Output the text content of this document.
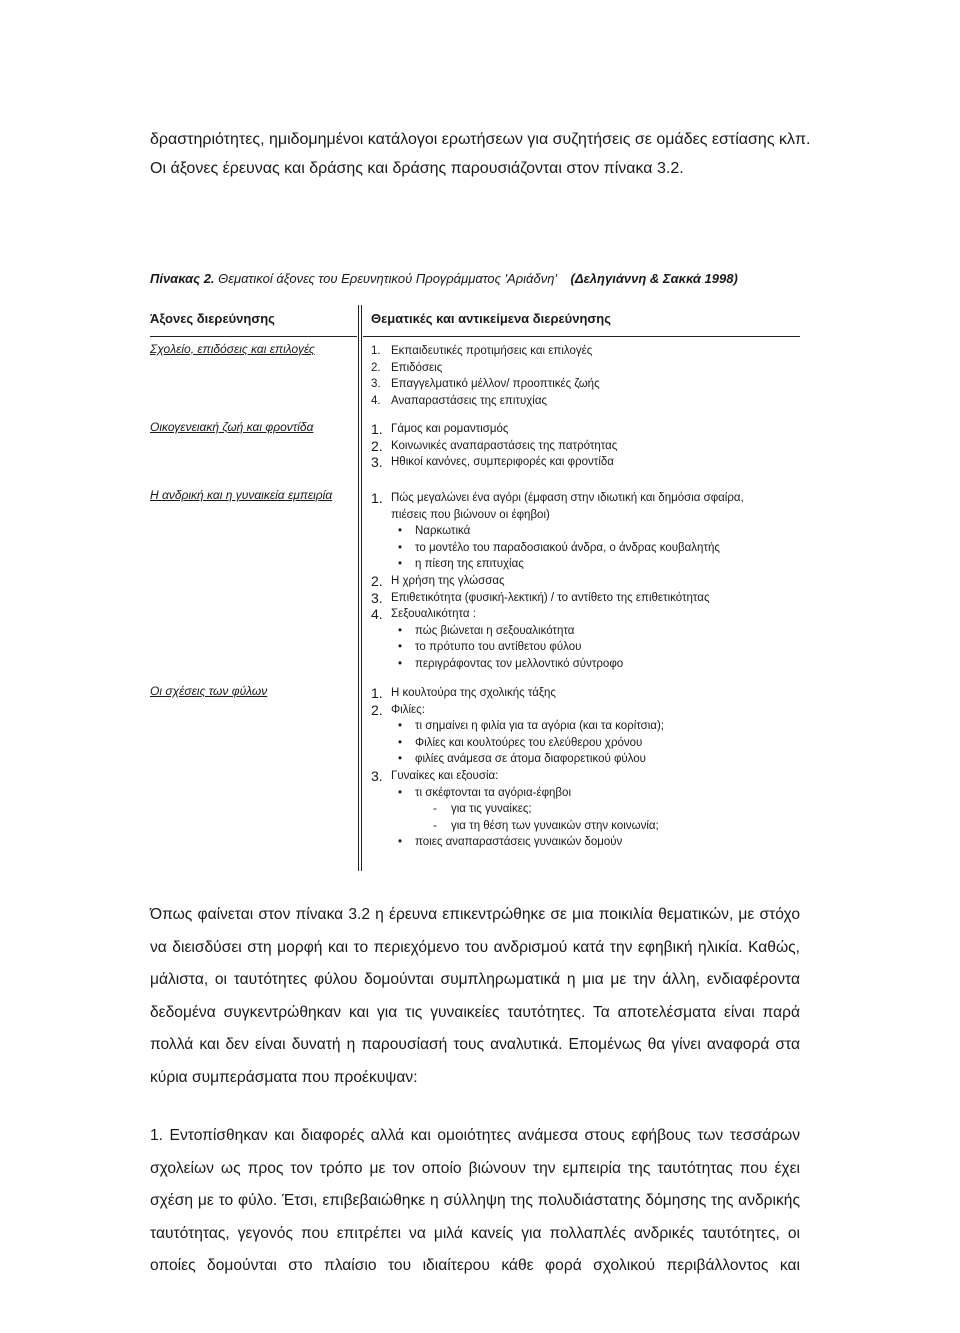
δραστηριότητες, ημιδομημένοι κατάλογοι ερωτήσεων για συζητήσεις σε ομάδες εστίασης κλπ.

Οι άξονες έρευνας και δράσης και δράσης παρουσιάζονται στον πίνακα 3.2.

Πίνακας 2. Θεματικοί άξονες του Ερευνητικού Προγράμματος 'Αριάδνη' (Δεληγιάννη & Σακκά 1998)
Άξονες διερεύνησης	Θεματικές και αντικείμενα διερεύνησης
Σχολείο, επιδόσεις και επιλογές	1. Εκπαιδευτικές προτιμήσεις και επιλογές
2. Επιδόσεις
3. Επαγγελματικό μέλλον/ προοπτικές ζωής
4. Αναπαραστάσεις της επιτυχίας
Οικογενειακή ζωή και φροντίδα	1. Γάμος και ρομαντισμός
2. Κοινωνικές αναπαραστάσεις της πατρότητας
3. Ηθικοί κανόνες, συμπεριφορές και φροντίδα
Η ανδρική και η γυναικεία εμπειρία	1. Πώς μεγαλώνει ένα αγόρι (έμφαση στην ιδιωτική και δημόσια σφαίρα,
πιέσεις που βιώνουν οι έφηβοι)
• Ναρκωτικά
• το μοντέλο του παραδοσιακού άνδρα, ο άνδρας κουβαλητής
• η πίεση της επιτυχίας
2. Η χρήση της γλώσσας
3. Επιθετικότητα (φυσική-λεκτική) / το αντίθετο της επιθετικότητας
4. Σεξουαλικότητα :
• πώς βιώνεται η σεξουαλικότητα
• το πρότυπο του αντίθετου φύλου
• περιγράφοντας τον μελλοντικό σύντροφο
Οι σχέσεις των φύλων	1. Η κουλτούρα της σχολικής τάξης
2. Φιλίες:
• τι σημαίνει η φιλία για τα αγόρια (και τα κορίτσια);
• Φιλίες και κουλτούρες του ελεύθερου χρόνου
• φιλίες ανάμεσα σε άτομα διαφορετικού φύλου
3. Γυναίκες και εξουσία:
• τι σκέφτονται τα αγόρια-έφηβοι
- για τις γυναίκες;
- για τη θέση των γυναικών στην κοινωνία;
• ποιες αναπαραστάσεις γυναικών δομούν

Όπως φαίνεται στον πίνακα 3.2 η έρευνα επικεντρώθηκε σε μια ποικιλία θεματικών, με στόχο

να διεισδύσει στη μορφή και το περιεχόμενο του ανδρισμού κατά την εφηβική ηλικία. Καθώς,

μάλιστα, οι ταυτότητες φύλου δομούνται συμπληρωματικά η μια με την άλλη, ενδιαφέροντα

δεδομένα συγκεντρώθηκαν και για τις γυναικείες ταυτότητες. Τα αποτελέσματα είναι παρά

πολλά και δεν είναι δυνατή η παρουσίασή τους αναλυτικά. Επομένως θα γίνει αναφορά στα

κύρια συμπεράσματα που προέκυψαν:

1. Εντοπίσθηκαν και διαφορές αλλά και ομοιότητες ανάμεσα στους εφήβους των τεσσάρων

σχολείων ως προς τον τρόπο με τον οποίο βιώνουν την εμπειρία της ταυτότητας που έχει

σχέση με το φύλο. Έτσι, επιβεβαιώθηκε η σύλληψη της πολυδιάστατης δόμησης της ανδρικής

ταυτότητας, γεγονός που επιτρέπει να μιλά κανείς για πολλαπλές ανδρικές ταυτότητες, οι

οποίες δομούνται στο πλαίσιο του ιδιαίτερου κάθε φορά σχολικού περιβάλλοντος και
